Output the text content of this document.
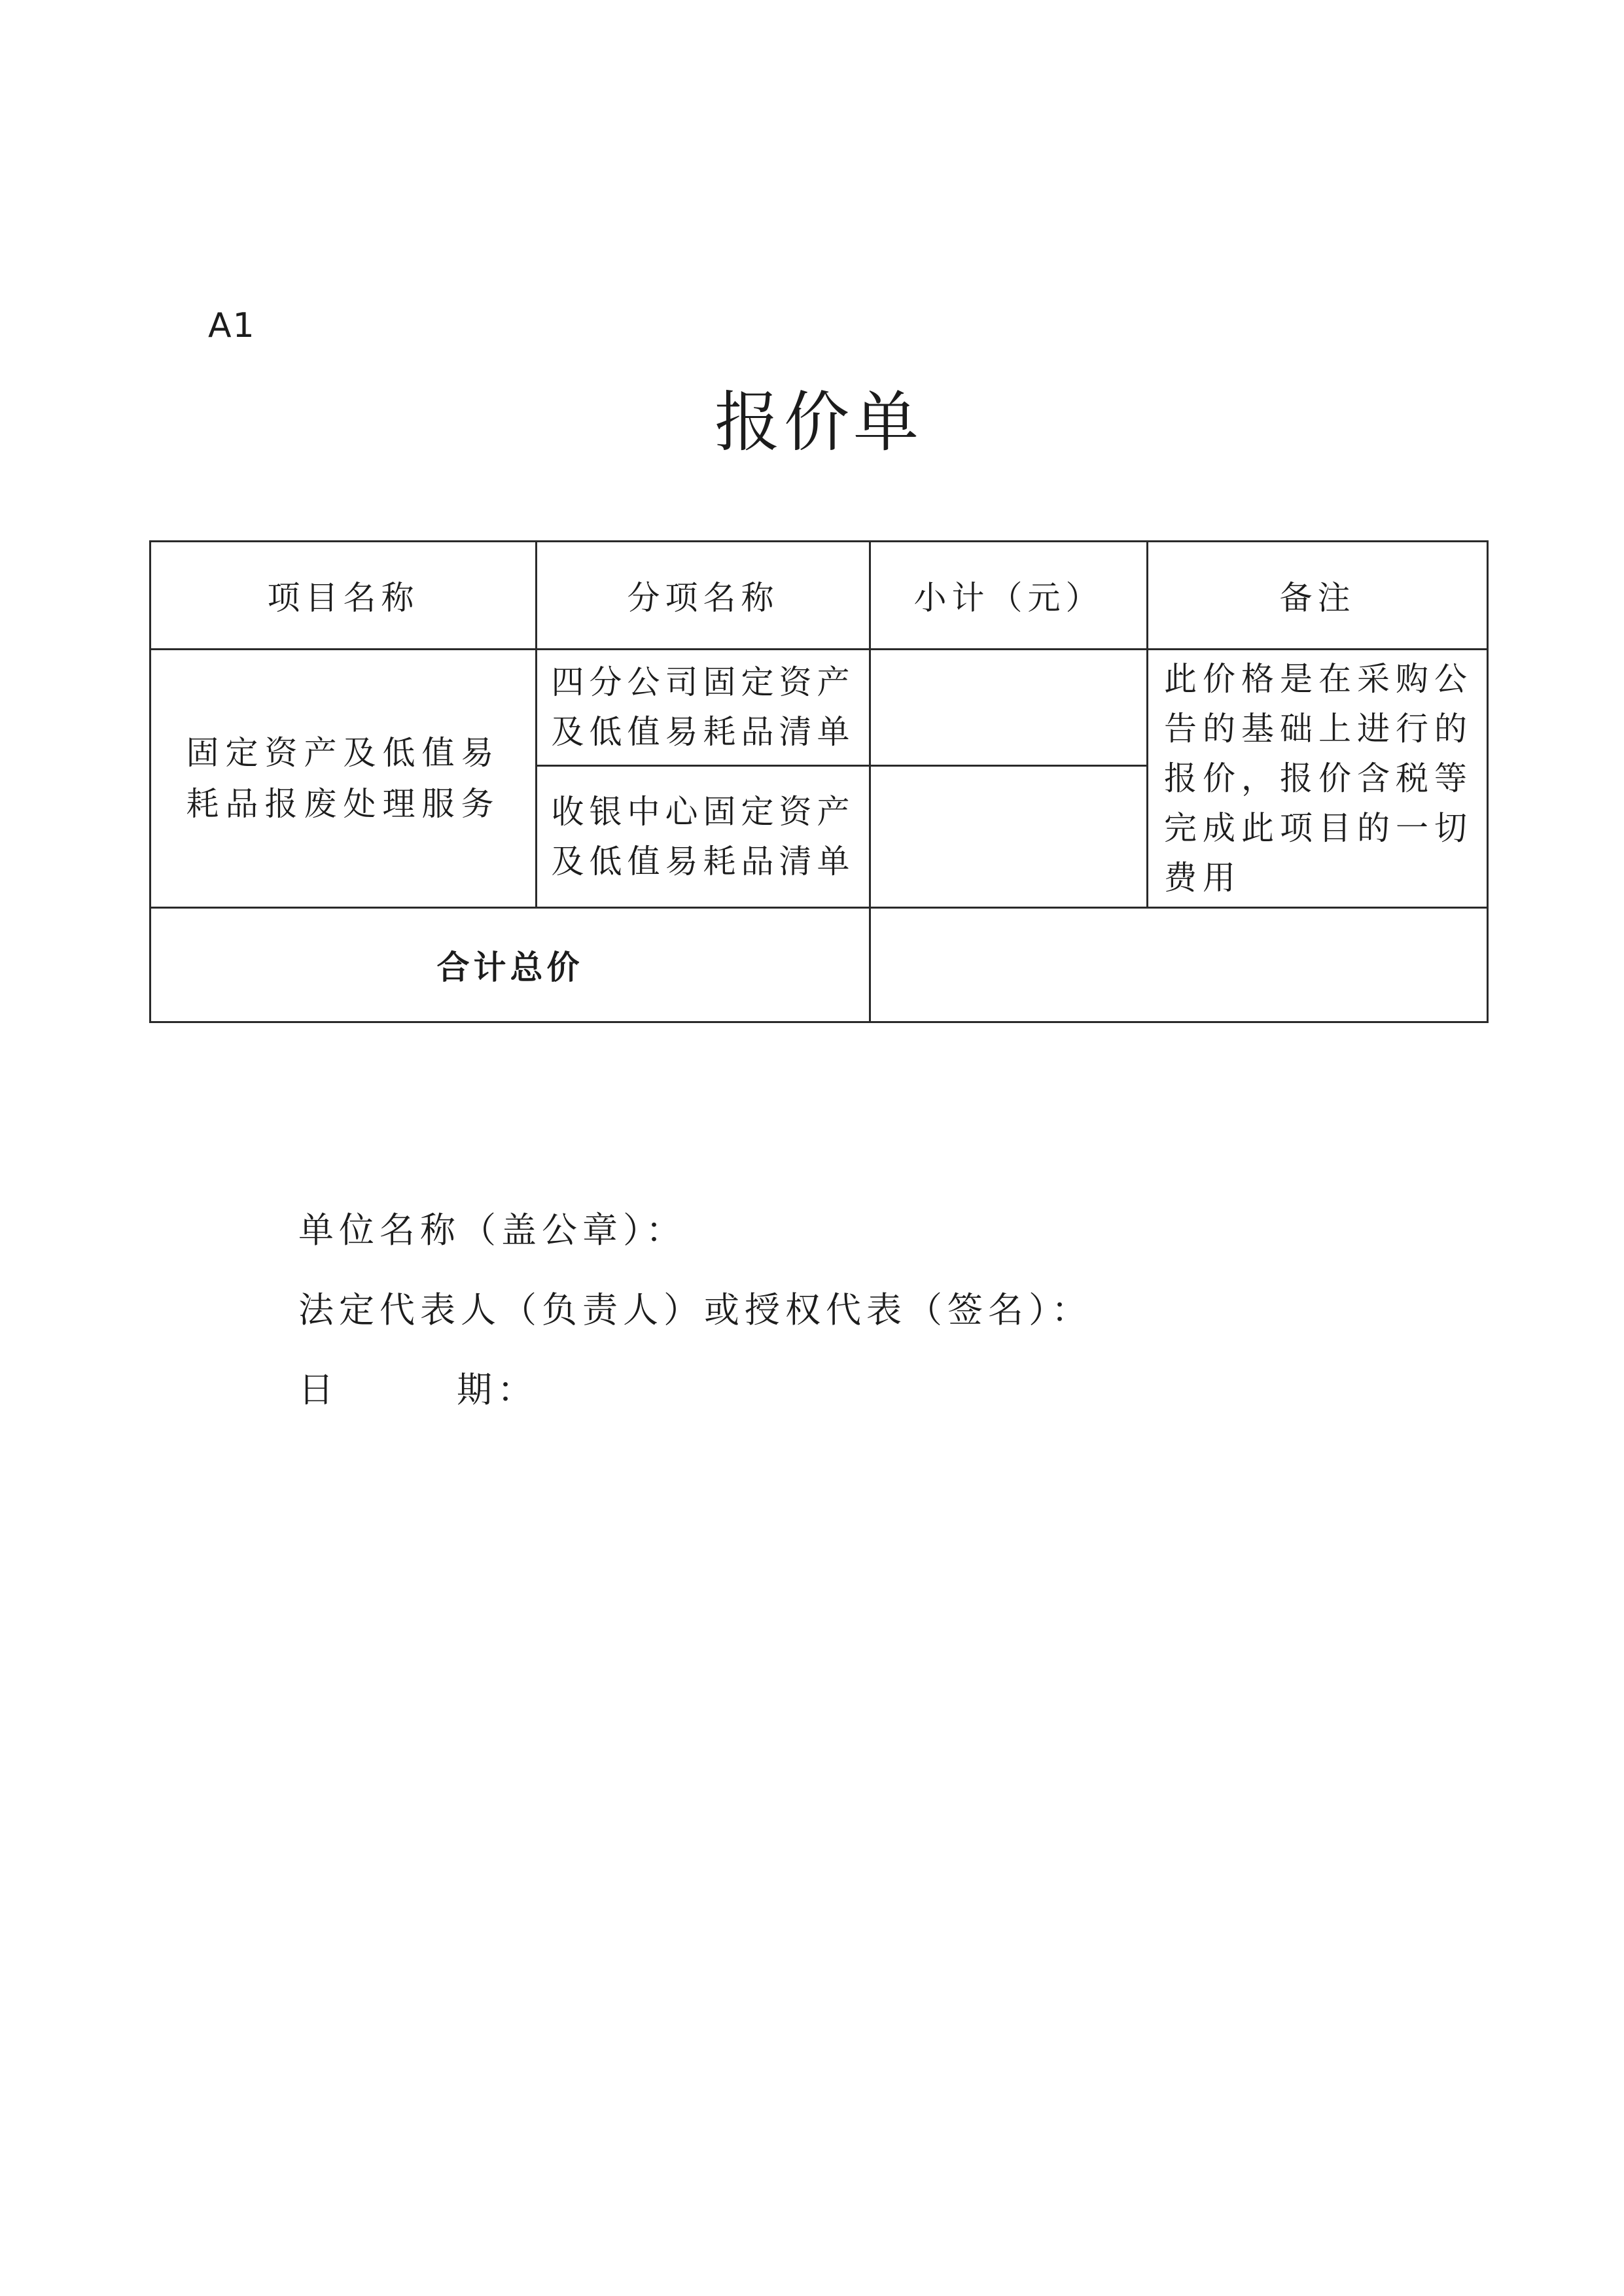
A1
报价单
项目名称	分项名称	小计（元）	备注
固定资产及低值易耗品报废处理服务	四分公司固定资产及低值易耗品清单		此价格是在采购公告的基础上进行的报价，报价含税等完成此项目的一切费用
	收银中心固定资产及低值易耗品清单		
合计总价			
单位名称（盖公章）：
法定代表人（负责人）或授权代表（签名）：
日	期：
